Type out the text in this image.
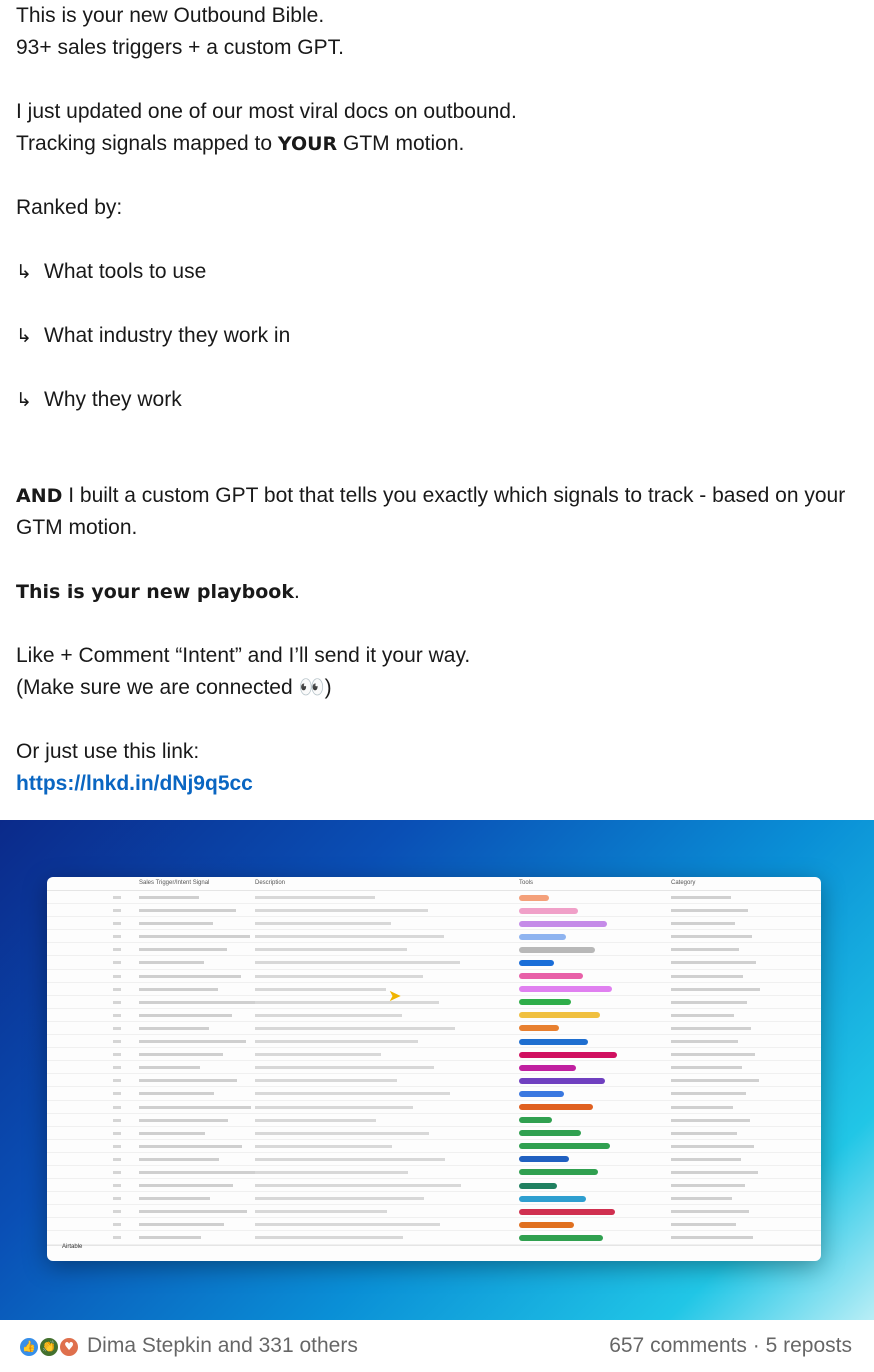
This is your new Outbound Bible.
93+ sales triggers + a custom GPT.
I just updated one of our most viral docs on outbound.
Tracking signals mapped to YOUR GTM motion.
Ranked by:
↳ What tools to use
↳ What industry they work in
↳ Why they work
AND I built a custom GPT bot that tells you exactly which signals to track - based on your GTM motion.
This is your new playbook.
Like + Comment “Intent” and I’ll send it your way.
(Make sure we are connected 👀)
Or just use this link:
https://lnkd.in/dNj9q5cc
Sales Trigger/Intent Signal	Description	Tools	Category
Airtable
➤
👍 👏 ♥ Dima Stepkin and 331 others	657 comments · 5 reposts
